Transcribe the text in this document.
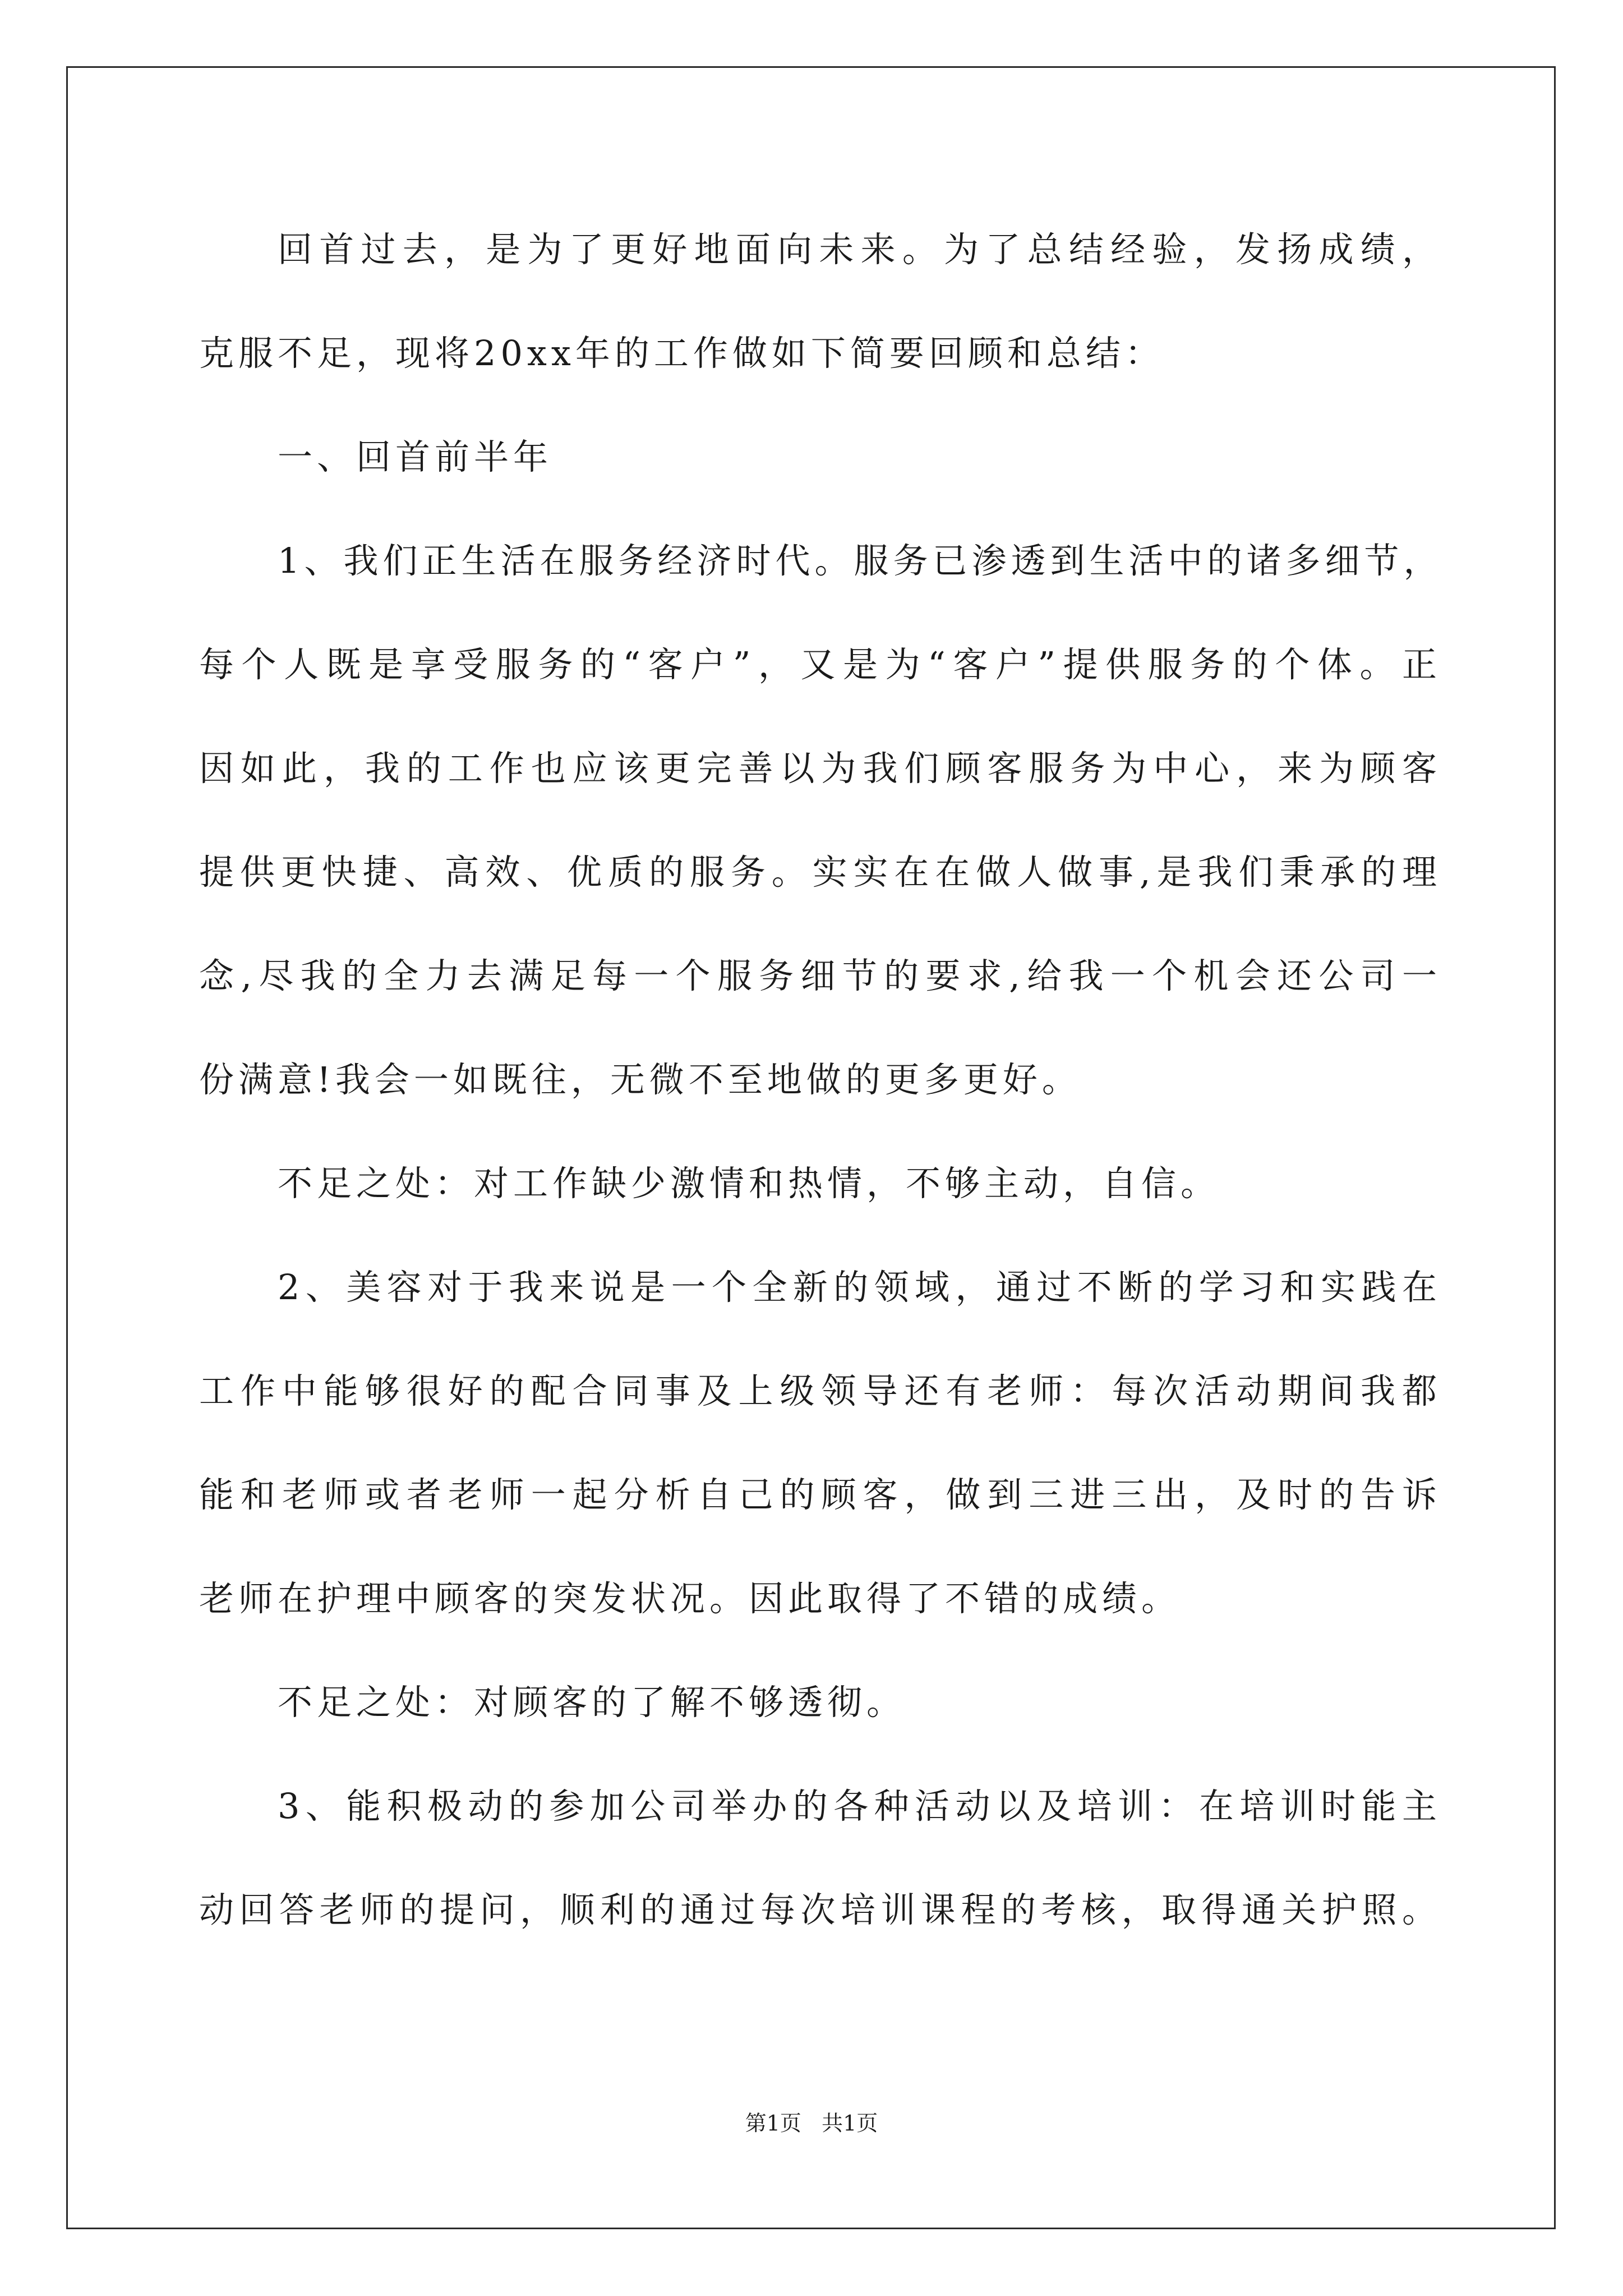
回首过去，是为了更好地面向未来。为了总结经验，发扬成绩，
克服不足，现将20xx年的工作做如下简要回顾和总结：
一、回首前半年
1、我们正生活在服务经济时代。服务已渗透到生活中的诸多细节，
每个人既是享受服务的“客户”，又是为“客户”提供服务的个体。正
因如此，我的工作也应该更完善以为我们顾客服务为中心，来为顾客
提供更快捷、高效、优质的服务。实实在在做人做事,是我们秉承的理
念,尽我的全力去满足每一个服务细节的要求,给我一个机会还公司一
份满意!我会一如既往，无微不至地做的更多更好。
不足之处：对工作缺少激情和热情，不够主动，自信。
2、美容对于我来说是一个全新的领域，通过不断的学习和实践在
工作中能够很好的配合同事及上级领导还有老师：每次活动期间我都
能和老师或者老师一起分析自己的顾客，做到三进三出，及时的告诉
老师在护理中顾客的突发状况。因此取得了不错的成绩。
不足之处：对顾客的了解不够透彻。
3、能积极动的参加公司举办的各种活动以及培训：在培训时能主
动回答老师的提问，顺利的通过每次培训课程的考核，取得通关护照。
第1页   共1页
